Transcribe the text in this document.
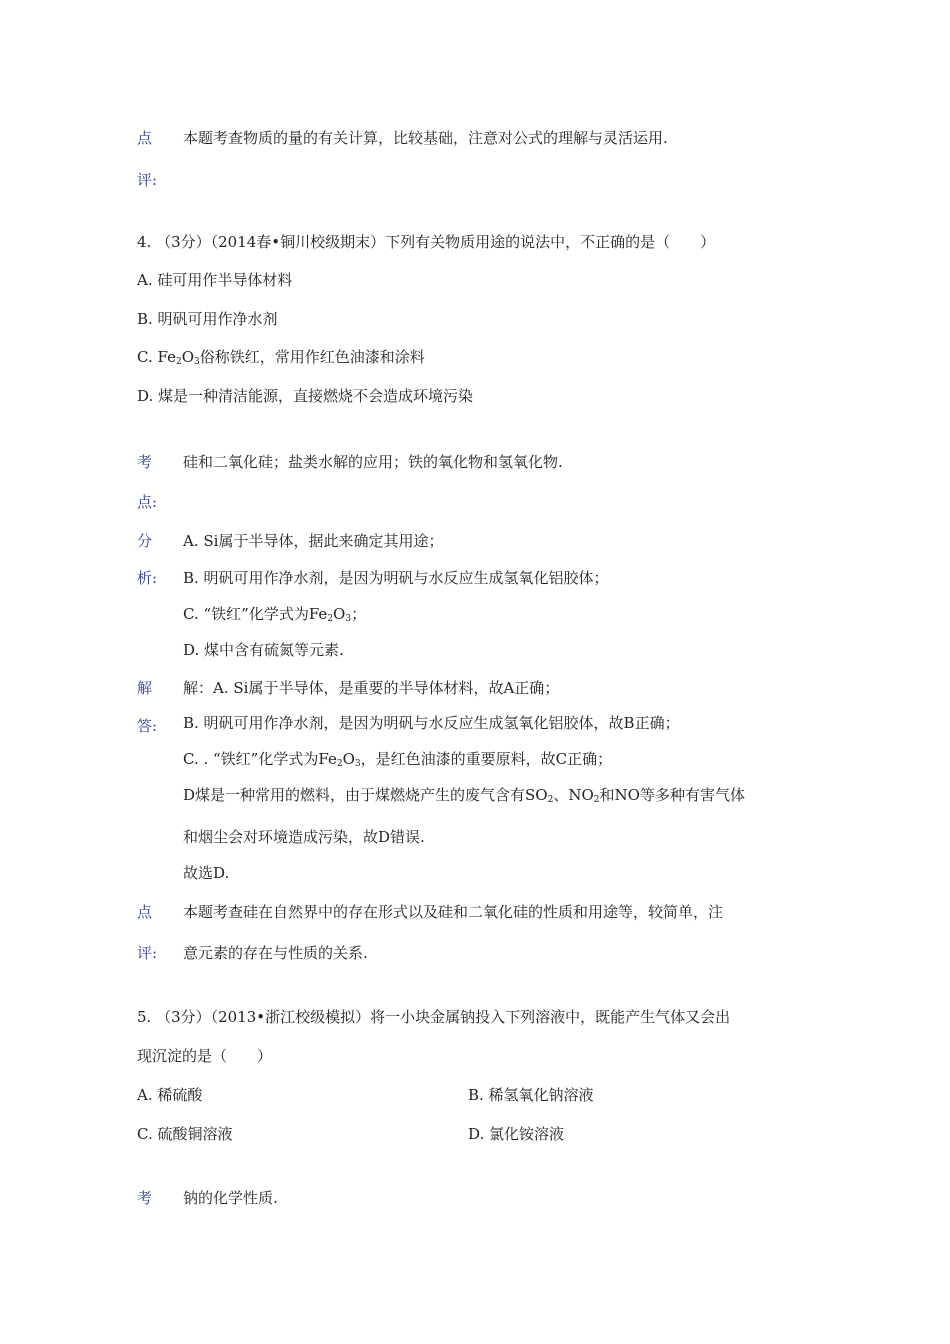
点 本题考查物质的量的有关计算，比较基础，注意对公式的理解与灵活运用.
评:
4. （3分）（2014春•铜川校级期末）下列有关物质用途的说法中，不正确的是（　　）
A. 硅可用作半导体材料
B. 明矾可用作净水剂
C. $Fe_2O_3$俗称铁红，常用作红色油漆和涂料
D. 煤是一种清洁能源，直接燃烧不会造成环境污染
考 硅和二氧化硅；盐类水解的应用；铁的氧化物和氢氧化物.
点:
分 A. Si属于半导体，据此来确定其用途；
析: B. 明矾可用作净水剂，是因为明矾与水反应生成氢氧化铝胶体；
C. “铁红”化学式为$Fe_2O_3$；
D. 煤中含有硫氮等元素.
解 解：A. Si属于半导体，是重要的半导体材料，故A正确；
答: B. 明矾可用作净水剂，是因为明矾与水反应生成氢氧化铝胶体，故B正确；
C. . “铁红”化学式为$Fe_2O_3$，是红色油漆的重要原料，故C正确；
D煤是一种常用的燃料，由于煤燃烧产生的废气含有$SO_2$、$NO_2$和NO等多种有害气体
和烟尘会对环境造成污染，故D错误.
故选D.
点 本题考查硅在自然界中的存在形式以及硅和二氧化硅的性质和用途等，较简单，注
评: 意元素的存在与性质的关系.
5. （3分）（2013•浙江校级模拟）将一小块金属钠投入下列溶液中，既能产生气体又会出
现沉淀的是（　　）
A. 稀硫酸	B. 稀氢氧化钠溶液
C. 硫酸铜溶液	D. 氯化铵溶液
考 钠的化学性质.
